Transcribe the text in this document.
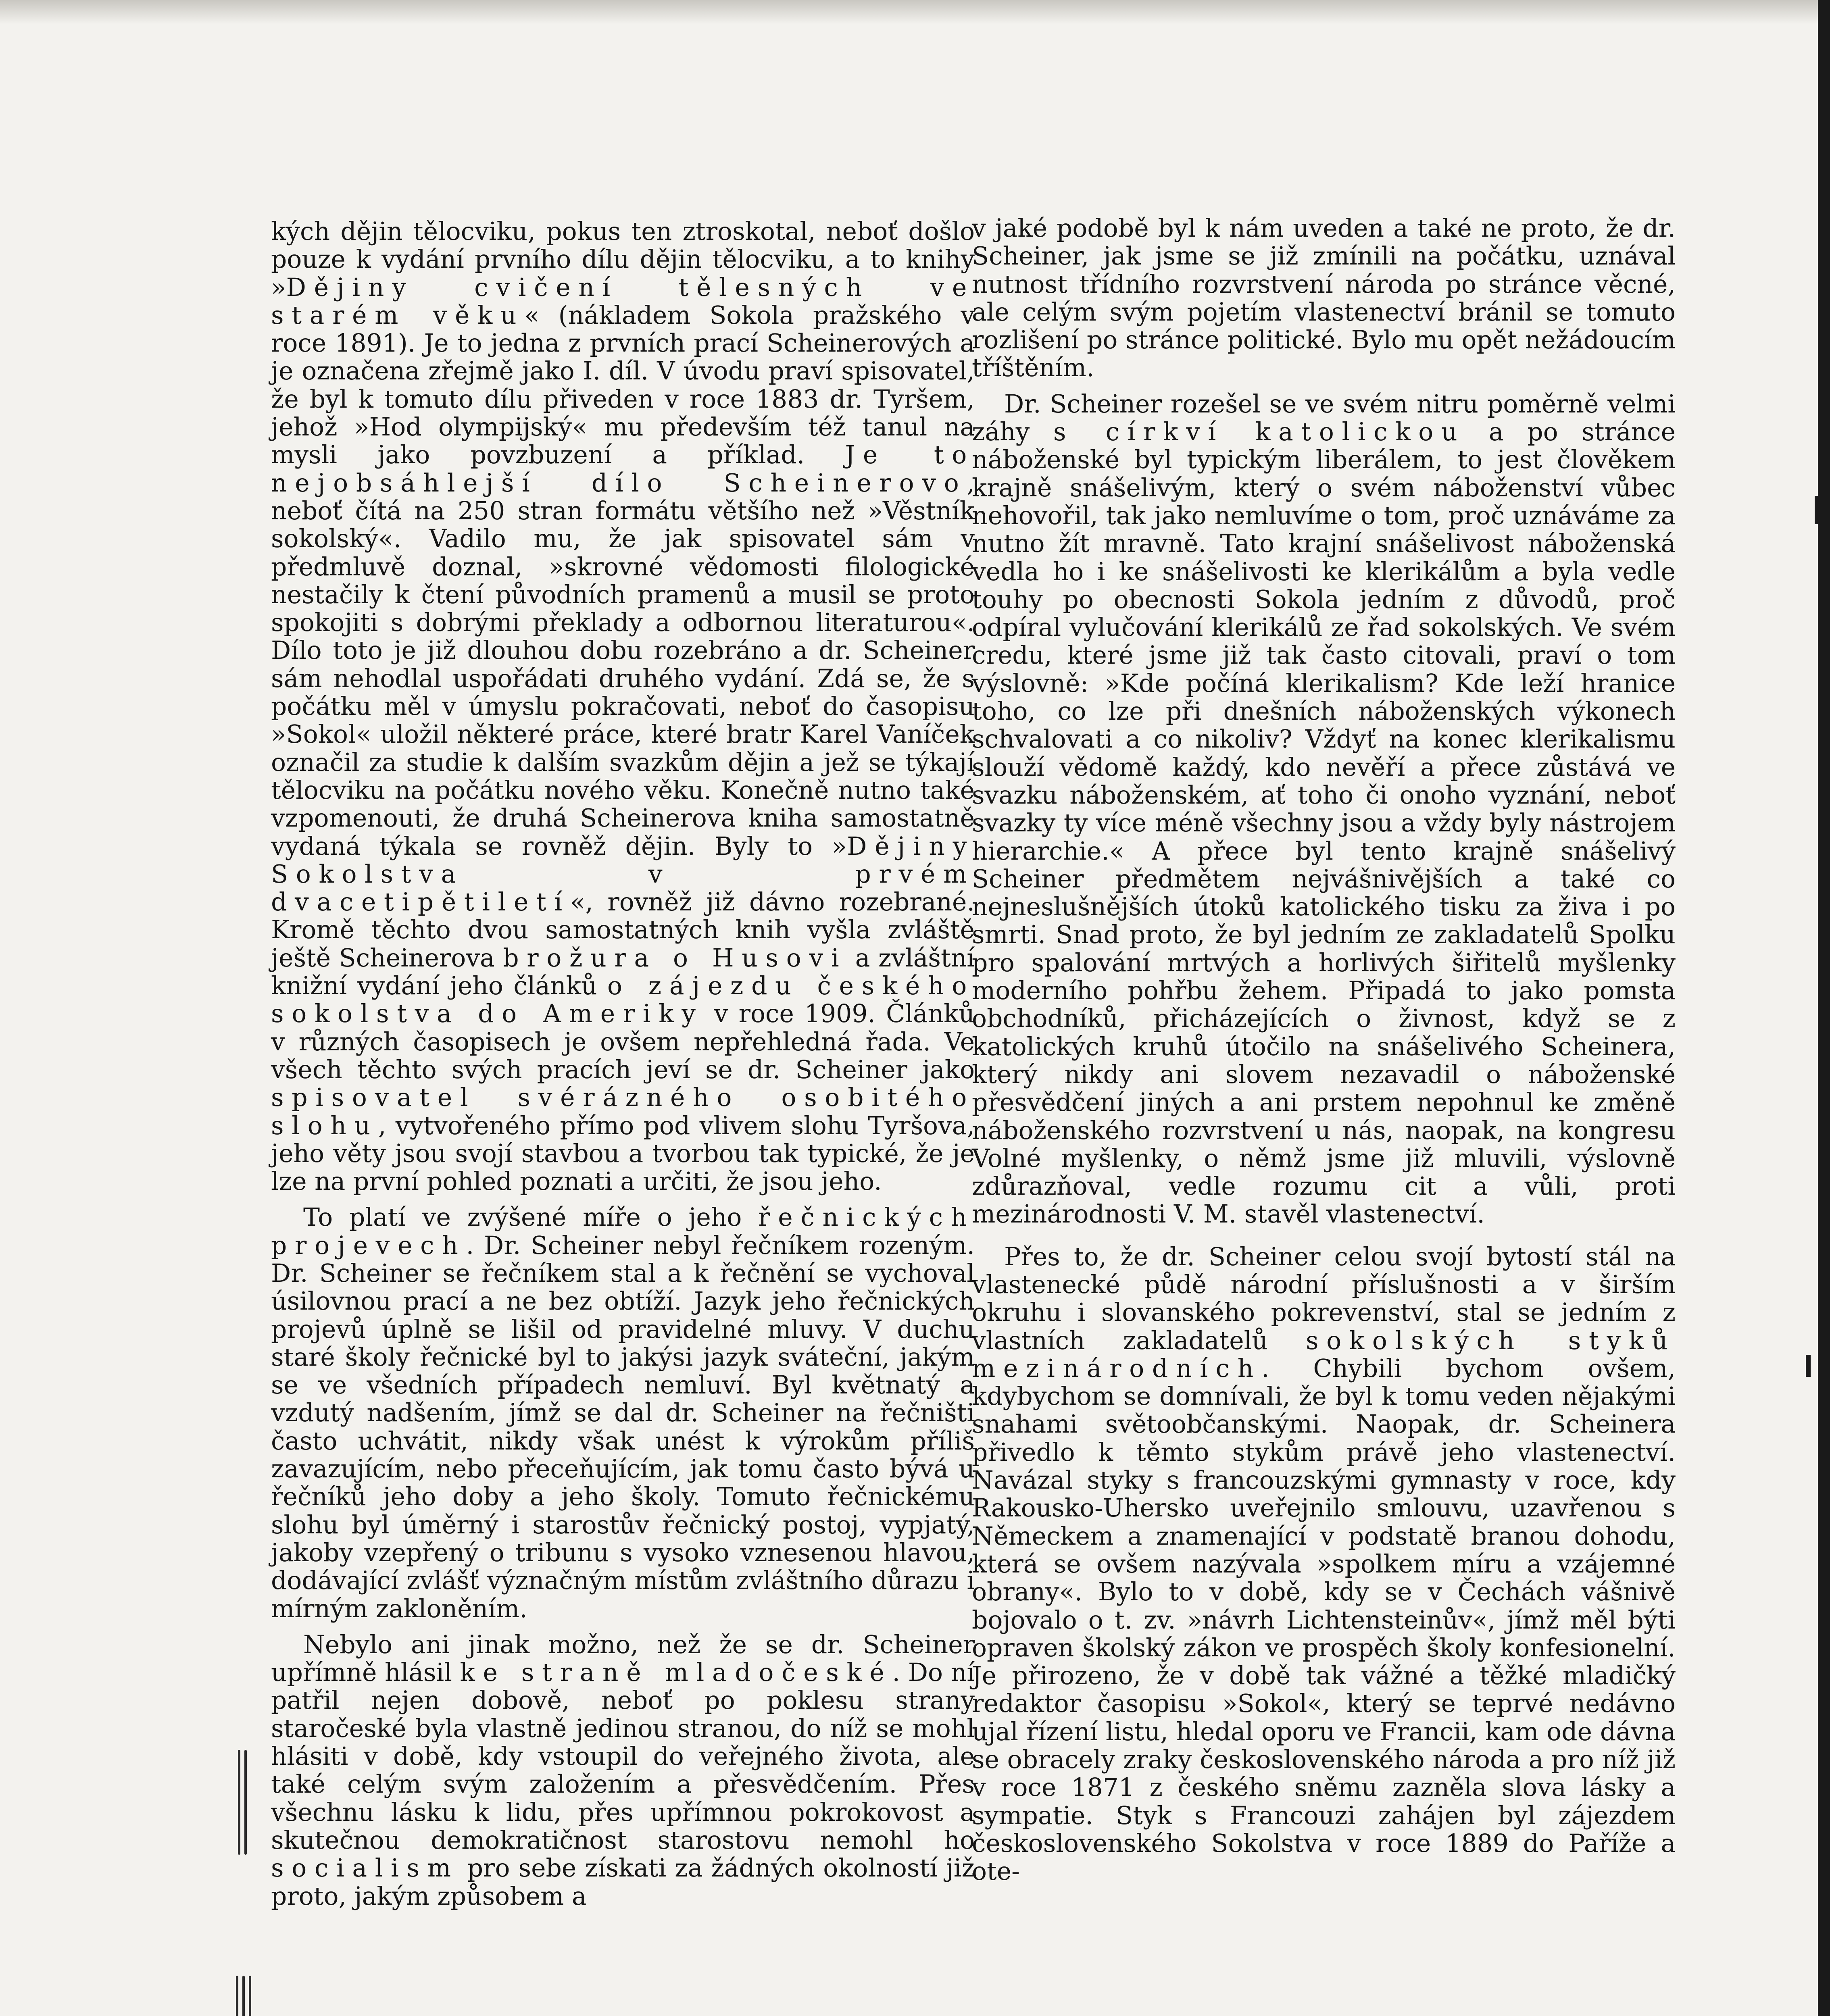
kých dějin tělocviku, pokus ten ztroskotal, neboť došlo pouze k vydání prvního dílu dějin tělocviku, a to knihy »Dějiny cvičení tělesných ve starém věku« (nákladem Sokola pražského v roce 1891). Je to jedna z prvních prací Scheinerových a je označena zřejmě jako I. díl. V úvodu praví spisovatel, že byl k tomuto dílu přiveden v roce 1883 dr. Tyršem, jehož »Hod olympijský« mu především též tanul na mysli jako povzbuzení a příklad. Je to nejobsáhlejší dílo Scheinerovo, neboť čítá na 250 stran formátu většího než »Věstník sokolský«. Vadilo mu, že jak spisovatel sám v předmluvě doznal, »skrovné vědomosti filologické nestačily k čtení původních pramenů a musil se proto spokojiti s dobrými překlady a odbornou literaturou«. Dílo toto je již dlouhou dobu rozebráno a dr. Scheiner sám nehodlal uspořádati druhého vydání. Zdá se, že s počátku měl v úmyslu pokračovati, neboť do časopisu »Sokol« uložil některé práce, které bratr Karel Vaníček označil za studie k dalším svazkům dějin a jež se týkají tělocviku na počátku nového věku. Konečně nutno také vzpomenouti, že druhá Scheinerova kniha samostatně vydaná týkala se rovněž dějin. Byly to »Dějiny Sokolstva v prvém dvacetipětiletí«, rovněž již dávno rozebrané. Kromě těchto dvou samostatných knih vyšla zvláště ještě Scheinerova brožura o Husovi a zvláštní knižní vydání jeho článků o zájezdu českého sokolstva do Ameriky v roce 1909. Článků v různých časopisech je ovšem nepřehledná řada. Ve všech těchto svých pracích jeví se dr. Scheiner jako spisovatel svérázného osobitého slohu, vytvořeného přímo pod vlivem slohu Tyršova, jeho věty jsou svojí stavbou a tvorbou tak typické, že je lze na první pohled poznati a určiti, že jsou jeho.

To platí ve zvýšené míře o jeho řečnických projevech. Dr. Scheiner nebyl řečníkem rozeným. Dr. Scheiner se řečníkem stal a k řečnění se vychoval úsilovnou prací a ne bez obtíží. Jazyk jeho řečnických projevů úplně se lišil od pravidelné mluvy. V duchu staré školy řečnické byl to jakýsi jazyk sváteční, jakým se ve všedních případech nemluví. Byl květnatý a vzdutý nadšením, jímž se dal dr. Scheiner na řečništi často uchvátit, nikdy však unést k výrokům příliš zavazujícím, nebo přeceňujícím, jak tomu často bývá u řečníků jeho doby a jeho školy. Tomuto řečnickému slohu byl úměrný i starostův řečnický postoj, vypjatý, jakoby vzepřený o tribunu s vysoko vznesenou hlavou, dodávající zvlášť význačným místům zvláštního důrazu i mírným zakloněním.

Nebylo ani jinak možno, než že se dr. Scheiner upřímně hlásil ke straně mladočeské. Do ní patřil nejen dobově, neboť po poklesu strany staročeské byla vlastně jedinou stranou, do níž se mohl hlásiti v době, kdy vstoupil do veřejného života, ale také celým svým založením a přesvědčením. Přes všechnu lásku k lidu, přes upřímnou pokrokovost a skutečnou demokratičnost starostovu nemohl ho socialism pro sebe získati za žádných okolností již proto, jakým způsobem a

v jaké podobě byl k nám uveden a také ne proto, že dr. Scheiner, jak jsme se již zmínili na počátku, uznával nutnost třídního rozvrstvení národa po stránce věcné, ale celým svým pojetím vlastenectví bránil se tomuto rozlišení po stránce politické. Bylo mu opět nežádoucím tříštěním.

Dr. Scheiner rozešel se ve svém nitru poměrně velmi záhy s církví katolickou a po stránce náboženské byl typickým liberálem, to jest člověkem krajně snášelivým, který o svém náboženství vůbec nehovořil, tak jako nemluvíme o tom, proč uznáváme za nutno žít mravně. Tato krajní snášelivost náboženská vedla ho i ke snášelivosti ke klerikálům a byla vedle touhy po obecnosti Sokola jedním z důvodů, proč odpíral vylučování klerikálů ze řad sokolských. Ve svém credu, které jsme již tak často citovali, praví o tom výslovně: »Kde počíná klerikalism? Kde leží hranice toho, co lze při dnešních náboženských výkonech schvalovati a co nikoliv? Vždyť na konec klerikalismu slouží vědomě každý, kdo nevěří a přece zůstává ve svazku náboženském, ať toho či onoho vyznání, neboť svazky ty více méně všechny jsou a vždy byly nástrojem hierarchie.« A přece byl tento krajně snášelivý Scheiner předmětem nejvášnivějších a také co nejneslušnějších útoků katolického tisku za živa i po smrti. Snad proto, že byl jedním ze zakladatelů Spolku pro spalování mrtvých a horlivých šiřitelů myšlenky moderního pohřbu žehem. Připadá to jako pomsta obchodníků, přicházejících o živnost, když se z katolických kruhů útočilo na snášelivého Scheinera, který nikdy ani slovem nezavadil o náboženské přesvědčení jiných a ani prstem nepohnul ke změně náboženského rozvrstvení u nás, naopak, na kongresu Volné myšlenky, o němž jsme již mluvili, výslovně zdůrazňoval, vedle rozumu cit a vůli, proti mezinárodnosti V. M. stavěl vlastenectví.

Přes to, že dr. Scheiner celou svojí bytostí stál na vlastenecké půdě národní příslušnosti a v širším okruhu i slovanského pokrevenství, stal se jedním z vlastních zakladatelů sokolských styků mezinárodních. Chybili bychom ovšem, kdybychom se domnívali, že byl k tomu veden nějakými snahami světoobčanskými. Naopak, dr. Scheinera přivedlo k těmto stykům právě jeho vlastenectví. Navázal styky s francouzskými gymnasty v roce, kdy Rakousko-Uhersko uveřejnilo smlouvu, uzavřenou s Německem a znamenající v podstatě branou dohodu, která se ovšem nazývala »spolkem míru a vzájemné obrany«. Bylo to v době, kdy se v Čechách vášnivě bojovalo o t. zv. »návrh Lichtensteinův«, jímž měl býti opraven školský zákon ve prospěch školy konfesionelní. Je přirozeno, že v době tak vážné a těžké mladičký redaktor časopisu »Sokol«, který se teprvé nedávno ujal řízení listu, hledal oporu ve Francii, kam ode dávna se obracely zraky československého národa a pro níž již v roce 1871 z českého sněmu zazněla slova lásky a sympatie. Styk s Francouzi zahájen byl zájezdem československého Sokolstva v roce 1889 do Paříže a ote-
